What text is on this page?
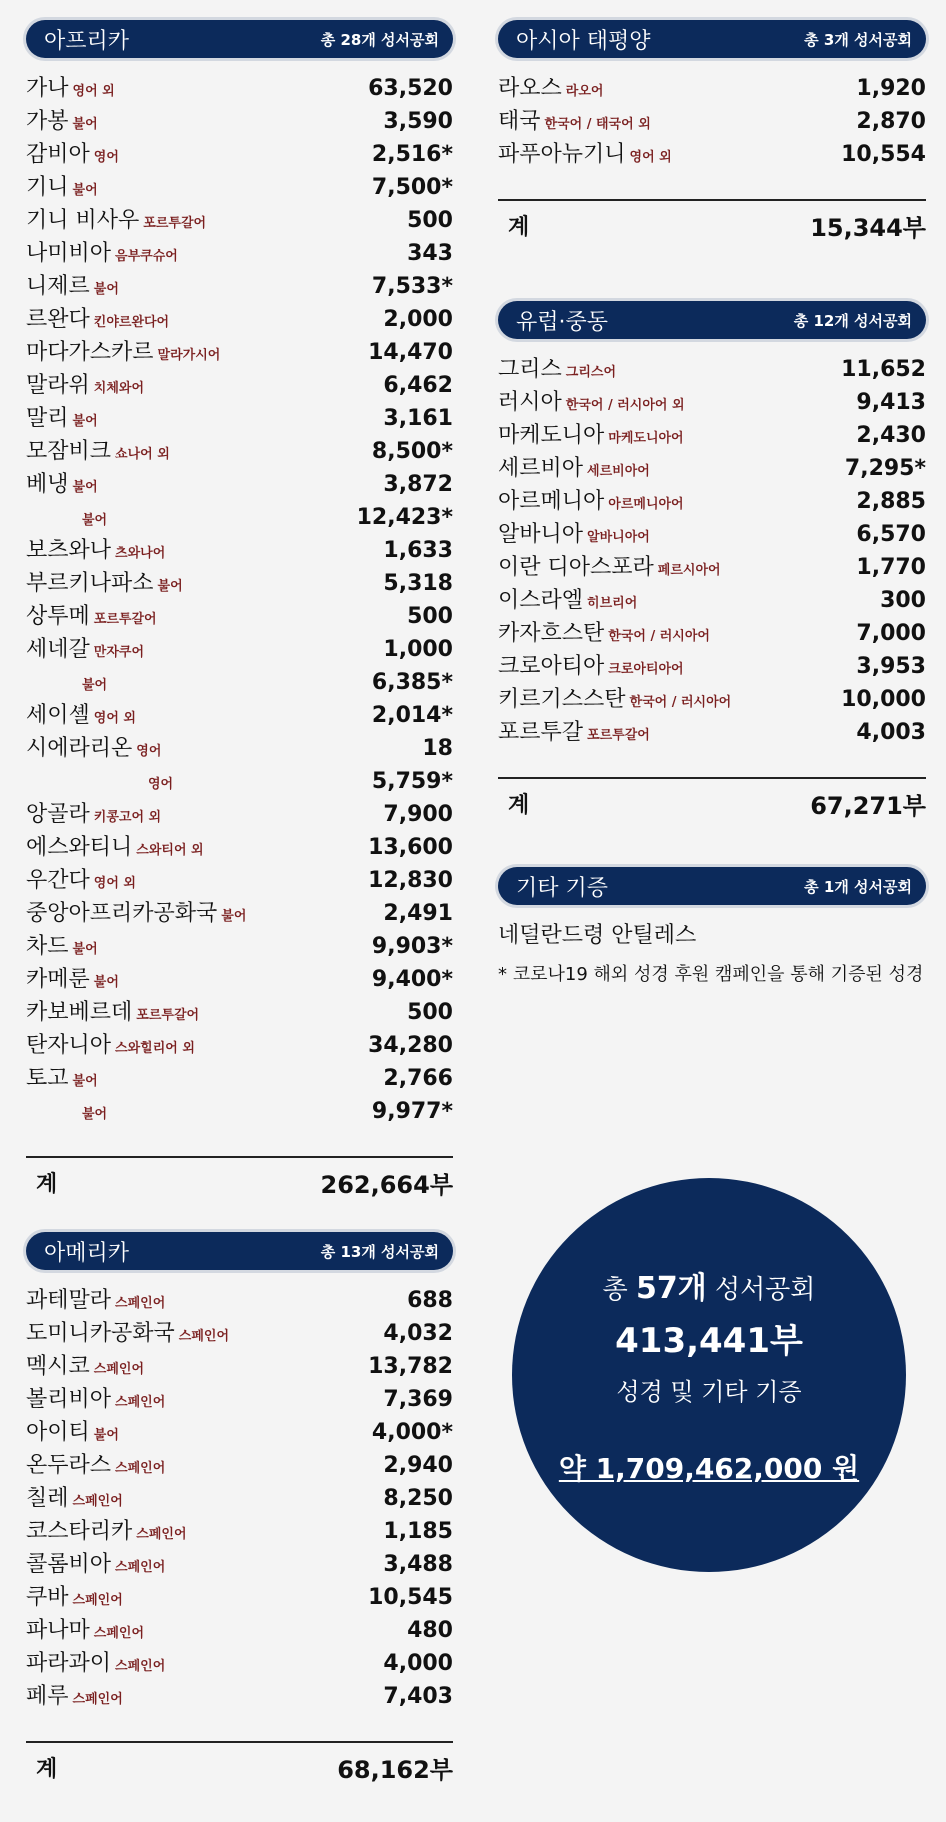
아프리카	총 28개 성서공회
가나 영어 외	63,520
가봉 불어	3,590
감비아 영어	2,516*
기니 불어	7,500*
기니 비사우 포르투갈어	500
나미비아 음부쿠슈어	343
니제르 불어	7,533*
르완다 킨야르완다어	2,000
마다가스카르 말라가시어	14,470
말라위 치체와어	6,462
말리 불어	3,161
모잠비크 쇼나어 외	8,500*
베냉 불어	3,872
불어	12,423*
보츠와나 츠와나어	1,633
부르키나파소 불어	5,318
상투메 포르투갈어	500
세네갈 만자쿠어	1,000
불어	6,385*
세이셸 영어 외	2,014*
시에라리온 영어	18
영어	5,759*
앙골라 키콩고어 외	7,900
에스와티니 스와티어 외	13,600
우간다 영어 외	12,830
중앙아프리카공화국 불어	2,491
차드 불어	9,903*
카메룬 불어	9,400*
카보베르데 포르투갈어	500
탄자니아 스와힐리어 외	34,280
토고 불어	2,766
불어	9,977*
계	262,664부
아메리카	총 13개 성서공회
과테말라 스페인어	688
도미니카공화국 스페인어	4,032
멕시코 스페인어	13,782
볼리비아 스페인어	7,369
아이티 불어	4,000*
온두라스 스페인어	2,940
칠레 스페인어	8,250
코스타리카 스페인어	1,185
콜롬비아 스페인어	3,488
쿠바 스페인어	10,545
파나마 스페인어	480
파라과이 스페인어	4,000
페루 스페인어	7,403
계	68,162부
아시아 태평양	총 3개 성서공회
라오스 라오어	1,920
태국 한국어 / 태국어 외	2,870
파푸아뉴기니 영어 외	10,554
계	15,344부
유럽·중동	총 12개 성서공회
그리스 그리스어	11,652
러시아 한국어 / 러시아어 외	9,413
마케도니아 마케도니아어	2,430
세르비아 세르비아어	7,295*
아르메니아 아르메니아어	2,885
알바니아 알바니아어	6,570
이란 디아스포라 페르시아어	1,770
이스라엘 히브리어	300
카자흐스탄 한국어 / 러시아어	7,000
크로아티아 크로아티아어	3,953
키르기스스탄 한국어 / 러시아어	10,000
포르투갈 포르투갈어	4,003
계	67,271부
기타 기증	총 1개 성서공회
네덜란드령 안틸레스
* 코로나19 해외 성경 후원 캠페인을 통해 기증된 성경
총 57개 성서공회
413,441부
성경 및 기타 기증
약 1,709,462,000 원
